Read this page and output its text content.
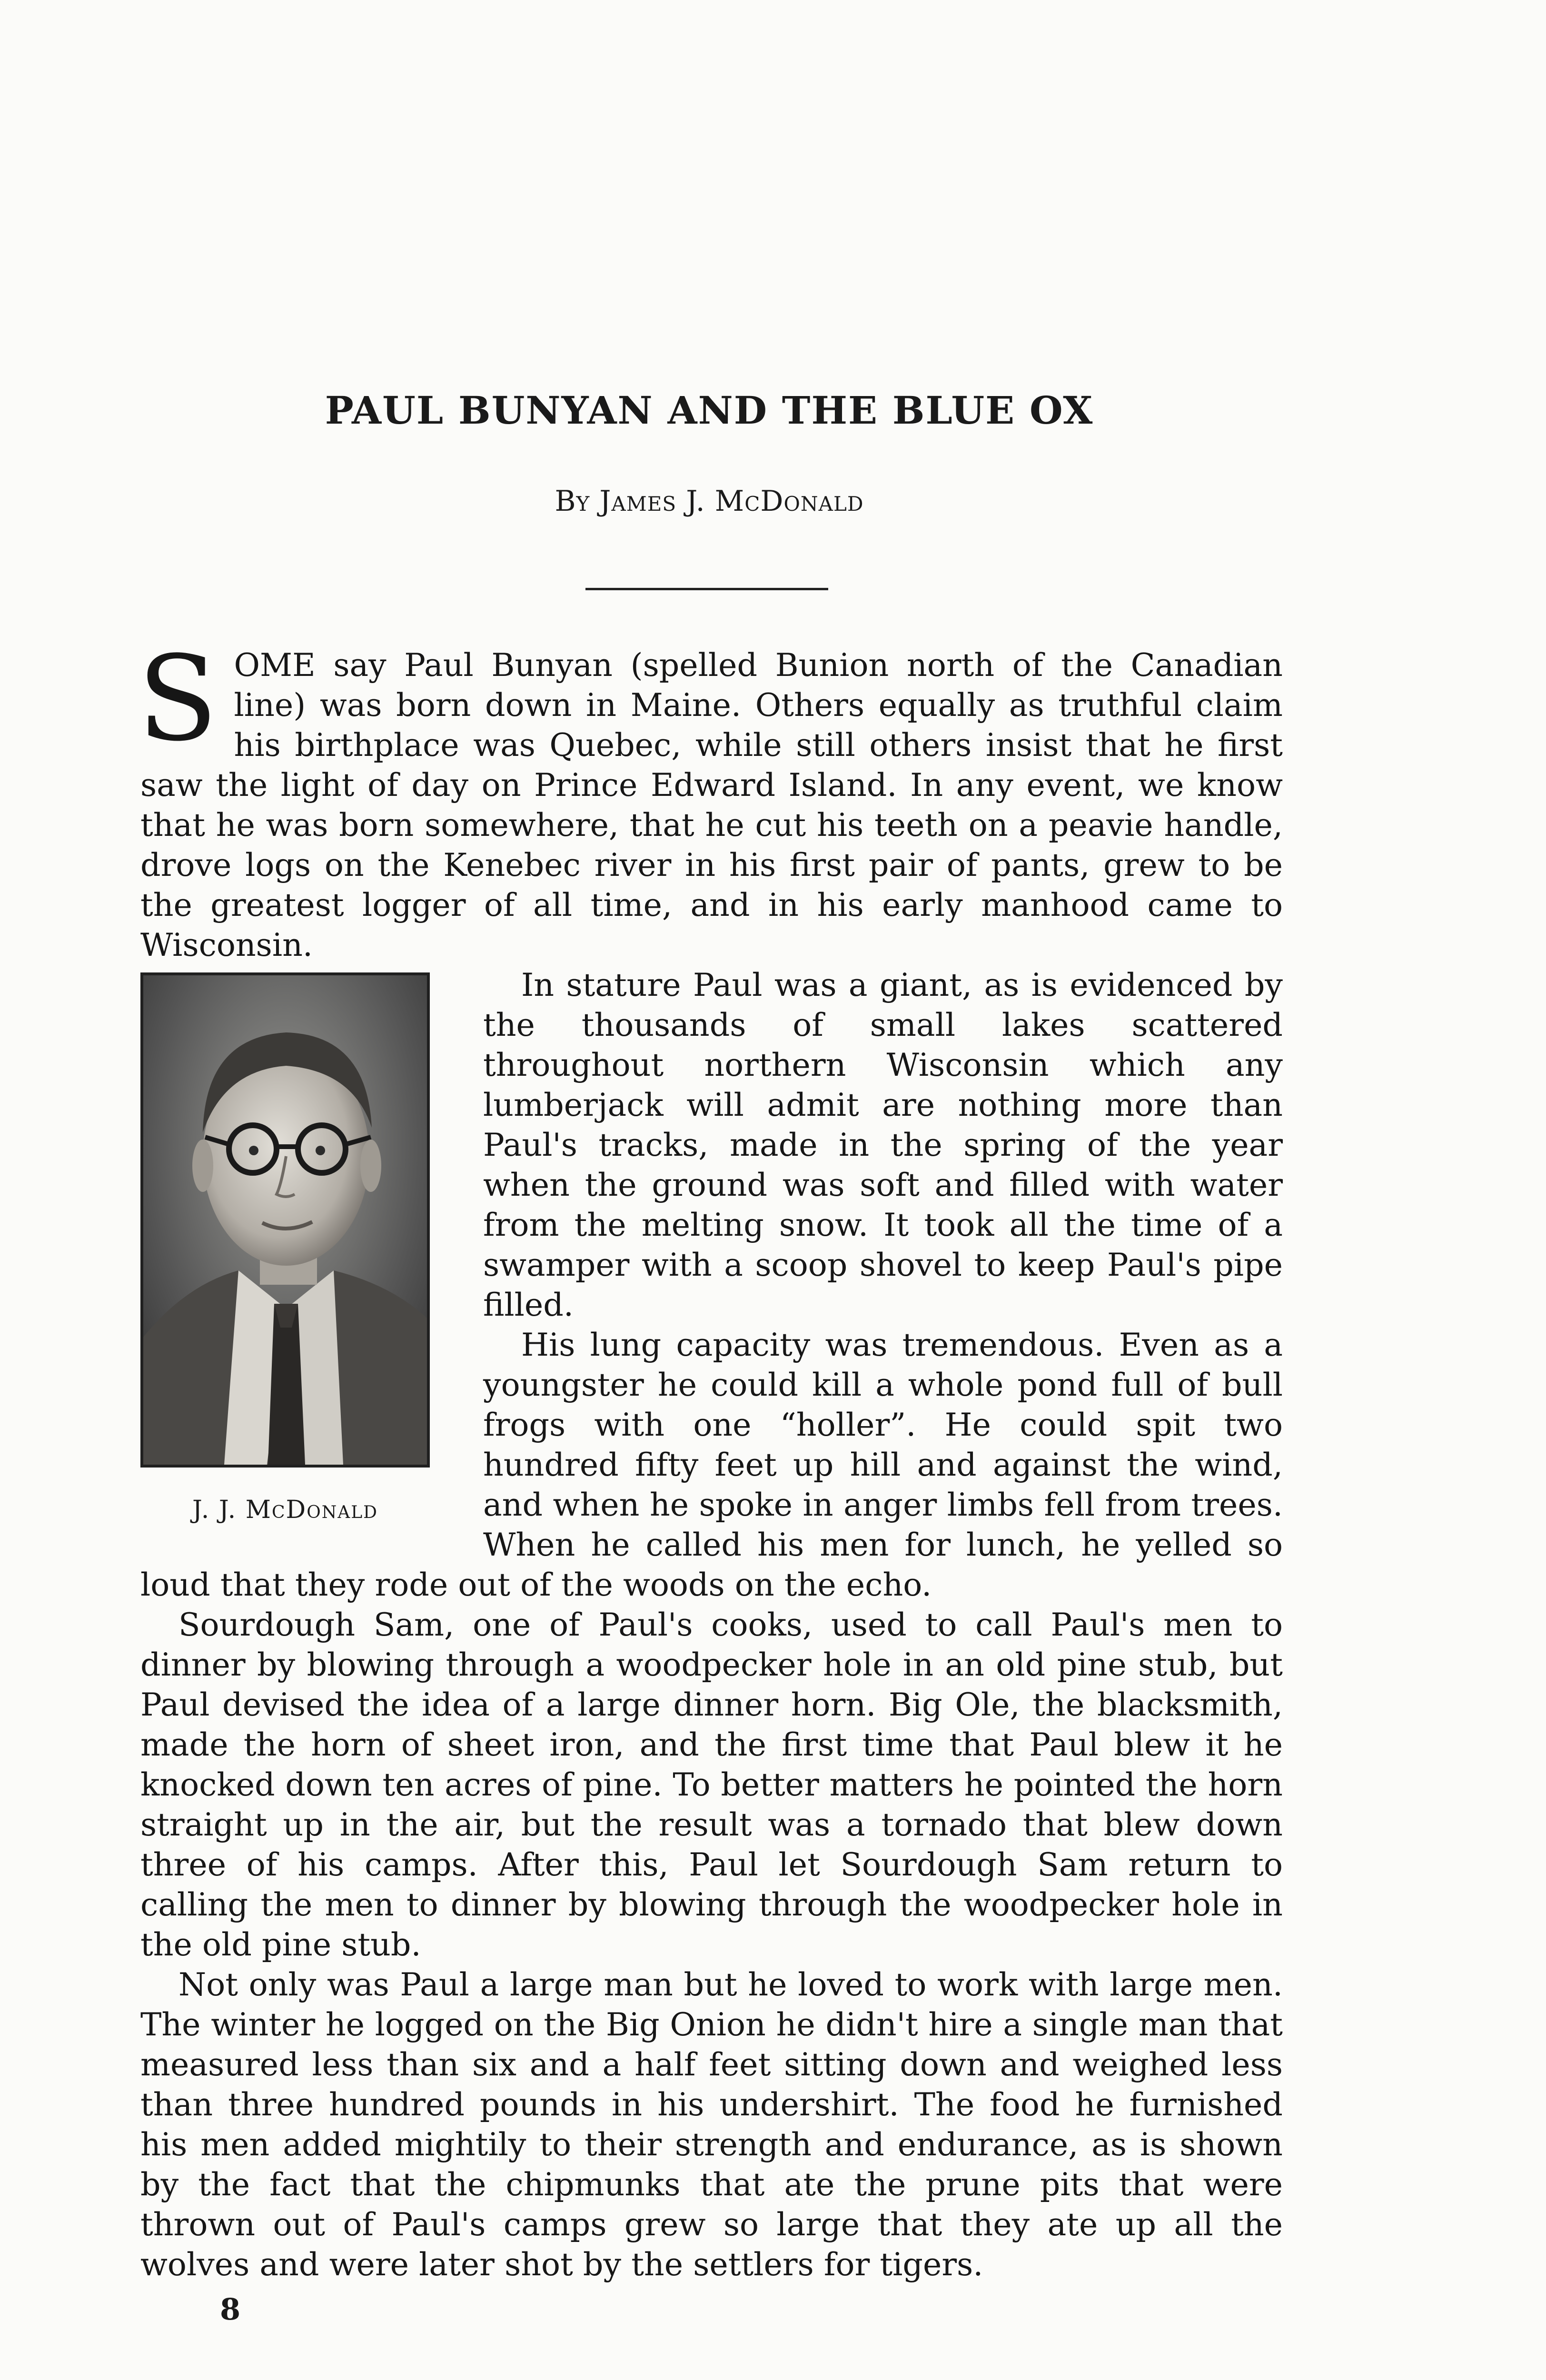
PAUL BUNYAN AND THE BLUE OX
By James J. McDonald

S OME say Paul Bunyan (spelled Bunion north of the Canadian line) was born down in Maine. Others equally as truthful claim his birthplace was Quebec, while still others insist that he first saw the light of day on Prince Edward Island. In any event, we know that he was born somewhere, that he cut his teeth on a peavie handle, drove logs on the Kenebec river in his first pair of pants, grew to be the greatest logger of all time, and in his early manhood came to Wisconsin.

J. J. McDonald

In stature Paul was a giant, as is evidenced by the thousands of small lakes scattered throughout northern Wisconsin which any lumberjack will admit are nothing more than Paul's tracks, made in the spring of the year when the ground was soft and filled with water from the melting snow. It took all the time of a swamper with a scoop shovel to keep Paul's pipe filled.

His lung capacity was tremendous. Even as a youngster he could kill a whole pond full of bull frogs with one “holler”. He could spit two hundred fifty feet up hill and against the wind, and when he spoke in anger limbs fell from trees. When he called his men for lunch, he yelled so loud that they rode out of the woods on the echo.

Sourdough Sam, one of Paul's cooks, used to call Paul's men to dinner by blowing through a woodpecker hole in an old pine stub, but Paul devised the idea of a large dinner horn. Big Ole, the blacksmith, made the horn of sheet iron, and the first time that Paul blew it he knocked down ten acres of pine. To better matters he pointed the horn straight up in the air, but the result was a tornado that blew down three of his camps. After this, Paul let Sourdough Sam return to calling the men to dinner by blowing through the woodpecker hole in the old pine stub.

Not only was Paul a large man but he loved to work with large men. The winter he logged on the Big Onion he didn't hire a single man that measured less than six and a half feet sitting down and weighed less than three hundred pounds in his undershirt. The food he furnished his men added mightily to their strength and endurance, as is shown by the fact that the chipmunks that ate the prune pits that were thrown out of Paul's camps grew so large that they ate up all the wolves and were later shot by the settlers for tigers.

8
